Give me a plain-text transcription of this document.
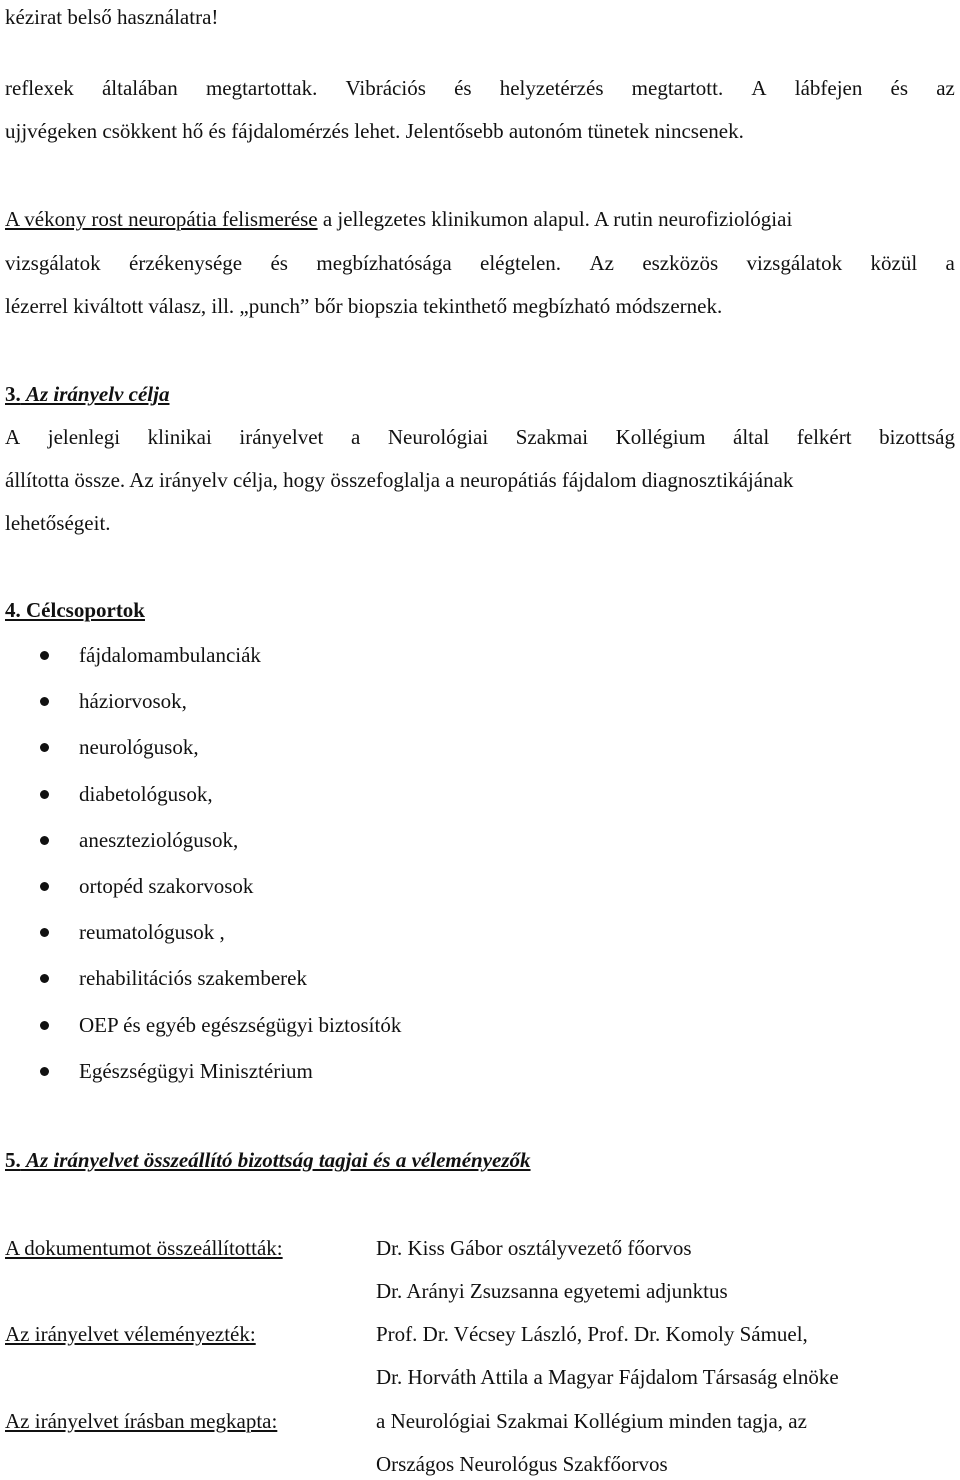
kézirat belső használatra!
reflexek általában megtartottak. Vibrációs és helyzetérzés megtartott. A lábfejen és az
ujjvégeken csökkent hő és fájdalomérzés lehet. Jelentősebb autonóm tünetek nincsenek.
A vékony rost neuropátia felismerése a jellegzetes klinikumon alapul. A rutin neurofiziológiai
vizsgálatok érzékenysége és megbízhatósága elégtelen. Az eszközös vizsgálatok közül a
lézerrel kiváltott válasz, ill. „punch” bőr biopszia tekinthető megbízható módszernek.
3. Az irányelv célja
A jelenlegi klinikai irányelvet a Neurológiai Szakmai Kollégium által felkért bizottság
állította össze. Az irányelv célja, hogy összefoglalja a neuropátiás fájdalom diagnosztikájának
lehetőségeit.
4. Célcsoportok
fájdalomambulanciák
háziorvosok,
neurológusok,
diabetológusok,
aneszteziológusok,
ortopéd szakorvosok
reumatológusok ,
rehabilitációs szakemberek
OEP és egyéb egészségügyi biztosítók
Egészségügyi Minisztérium
5. Az irányelvet összeállító bizottság tagjai és a véleményezők
A dokumentumot összeállították:	Dr. Kiss Gábor osztályvezető főorvos
Dr. Arányi Zsuzsanna egyetemi adjunktus
Az irányelvet véleményezték:	Prof. Dr. Vécsey László, Prof. Dr. Komoly Sámuel,
Dr. Horváth Attila a Magyar Fájdalom Társaság elnöke
Az irányelvet írásban megkapta:	a Neurológiai Szakmai Kollégium minden tagja, az
Országos Neurológus Szakfőorvos
